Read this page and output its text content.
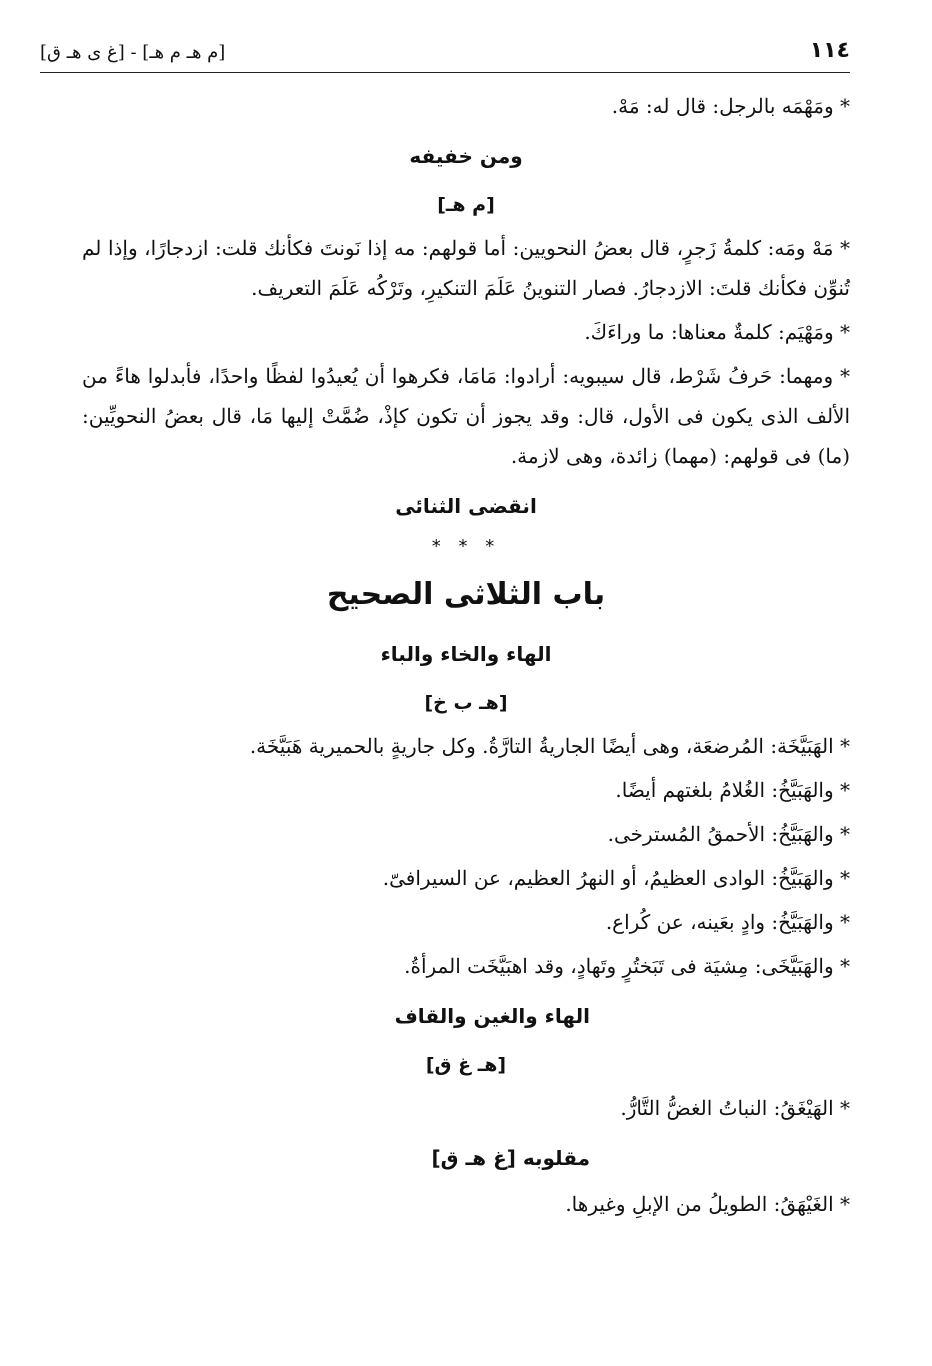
١١٤
[م هـ م هـ] - [غ ى هـ ق]

* ومَهْمَه بالرجل: قال له: مَهْ.

ومن خفيفه
[م هـ]

* مَهْ ومَه: كلمةُ زَجرٍ، قال بعضُ النحويين: أما قولهم: مه إذا نَونتَ فكأنك قلت: ازدجارًا، وإذا لم تُنوِّن فكأنك قلتَ: الازدجارُ. فصار التنوينُ عَلَمَ التنكيرِ، وتَرْكُه عَلَمَ التعريف.

* ومَهْيَم: كلمةٌ معناها: ما وراءَكَ.

* ومهما: حَرفُ شَرْط، قال سيبويه: أرادوا: مَامَا، فكرهوا أن يُعيدُوا لفظًا واحدًا، فأبدلوا هاءً من الألف الذى يكون فى الأول، قال: وقد يجوز أن تكون كإذْ، ضُمَّتْ إليها مَا، قال بعضُ النحويِّين: (ما) فى قولهم: (مهما) زائدة، وهى لازمة.

انقضى الثنائى
* * *
باب الثلاثى الصحيح
الهاء والخاء والباء
[هـ ب خ]

* الهَبَيَّخَة: المُرضعَة، وهى أيضًا الجاريةُ التارَّةُ. وكل جاريةٍ بالحميرية هَبَيَّخَة.

* والهَبَيَّخُ: الغُلامُ بلغتهم أيضًا.

* والهَبَيَّخُ: الأحمقُ المُسترخى.

* والهَبَيَّخُ: الوادى العظيمُ، أو النهرُ العظيم، عن السيرافىّ.

* والهَبَيَّخُ: وادٍ بعَينه، عن كُراع.

* والهَبَيَّخَى: مِشيَة فى تَبَختُرٍ وتَهادٍ، وقد اهبَيَّخَت المرأةُ.

الهاء والغين والقاف
[هـ غ ق]

* الهَيْغَقُ: النباتُ الغضُّ التَّارُّ.

مقلوبه [غ هـ ق]

* الغَيْهَقُ: الطويلُ من الإبلِ وغيرها.
